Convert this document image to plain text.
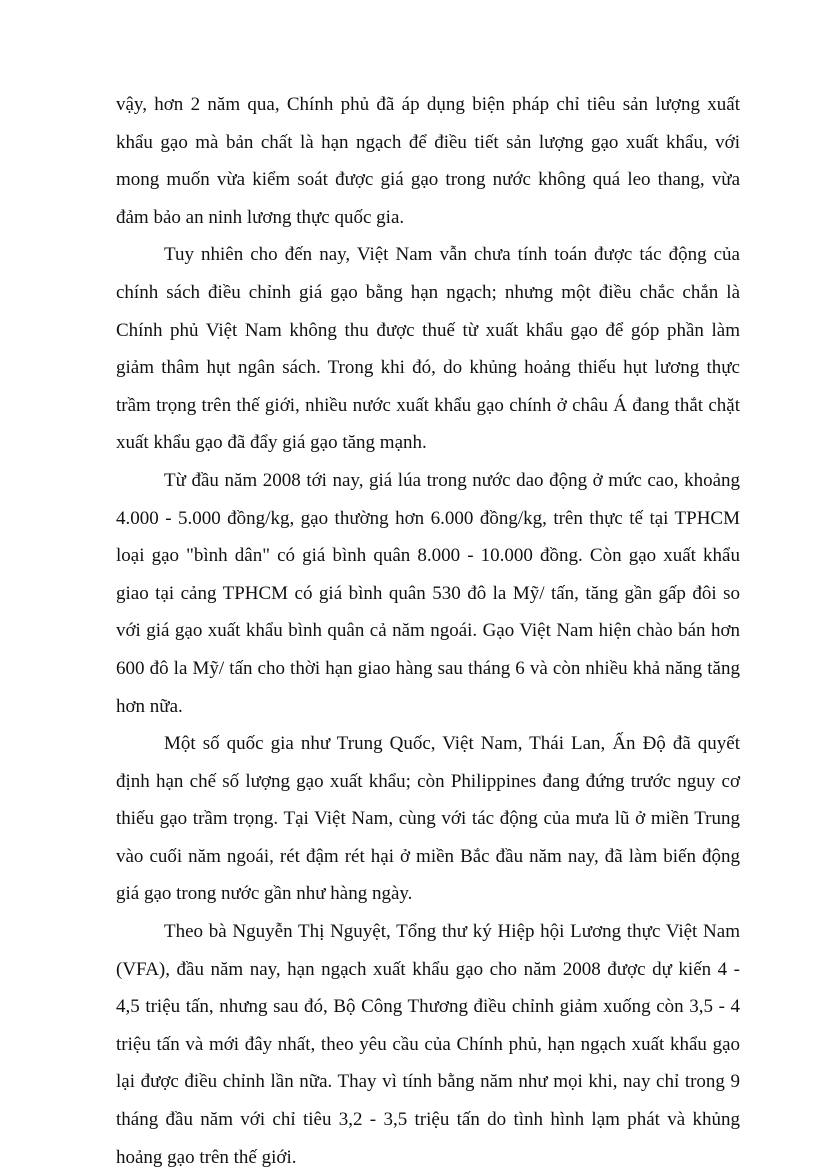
vậy, hơn 2 năm qua, Chính phủ đã áp dụng biện pháp chỉ tiêu sản lượng xuất khẩu gạo mà bản chất là hạn ngạch để điều tiết sản lượng gạo xuất khẩu, với mong muốn vừa kiểm soát được giá gạo trong nước không quá leo thang, vừa đảm bảo an ninh lương thực quốc gia.

Tuy nhiên cho đến nay, Việt Nam vẫn chưa tính toán được tác động của chính sách điều chỉnh giá gạo bằng hạn ngạch; nhưng một điều chắc chắn là Chính phủ Việt Nam không thu được thuế từ xuất khẩu gạo để góp phần làm giảm thâm hụt ngân sách. Trong khi đó, do khủng hoảng thiếu hụt lương thực trầm trọng trên thế giới, nhiều nước xuất khẩu gạo chính ở châu Á đang thắt chặt xuất khẩu gạo đã đẩy giá gạo tăng mạnh.

Từ đầu năm 2008 tới nay, giá lúa trong nước dao động ở mức cao, khoảng 4.000 - 5.000 đồng/kg, gạo thường hơn 6.000 đồng/kg, trên thực tế tại TPHCM loại gạo "bình dân" có giá bình quân 8.000 - 10.000 đồng. Còn gạo xuất khẩu giao tại cảng TPHCM có giá bình quân 530 đô la Mỹ/ tấn, tăng gần gấp đôi so với giá gạo xuất khẩu bình quân cả năm ngoái. Gạo Việt Nam hiện chào bán hơn 600 đô la Mỹ/ tấn cho thời hạn giao hàng sau tháng 6 và còn nhiều khả năng tăng hơn nữa.

Một số quốc gia như Trung Quốc, Việt Nam, Thái Lan, Ấn Độ đã quyết định hạn chế số lượng gạo xuất khẩu; còn Philippines đang đứng trước nguy cơ thiếu gạo trầm trọng. Tại Việt Nam, cùng với tác động của mưa lũ ở miền Trung vào cuối năm ngoái, rét đậm rét hại ở miền Bắc đầu năm nay, đã làm biến động giá gạo trong nước gần như hàng ngày.

Theo bà Nguyễn Thị Nguyệt, Tổng thư ký Hiệp hội Lương thực Việt Nam (VFA), đầu năm nay, hạn ngạch xuất khẩu gạo cho năm 2008 được dự kiến 4 - 4,5 triệu tấn, nhưng sau đó, Bộ Công Thương điều chỉnh giảm xuống còn 3,5 - 4 triệu tấn và mới đây nhất, theo yêu cầu của Chính phủ, hạn ngạch xuất khẩu gạo lại được điều chỉnh lần nữa. Thay vì tính bằng năm như mọi khi, nay chỉ trong 9 tháng đầu năm với chỉ tiêu 3,2 - 3,5 triệu tấn do tình hình lạm phát và khủng hoảng gạo trên thế giới.
